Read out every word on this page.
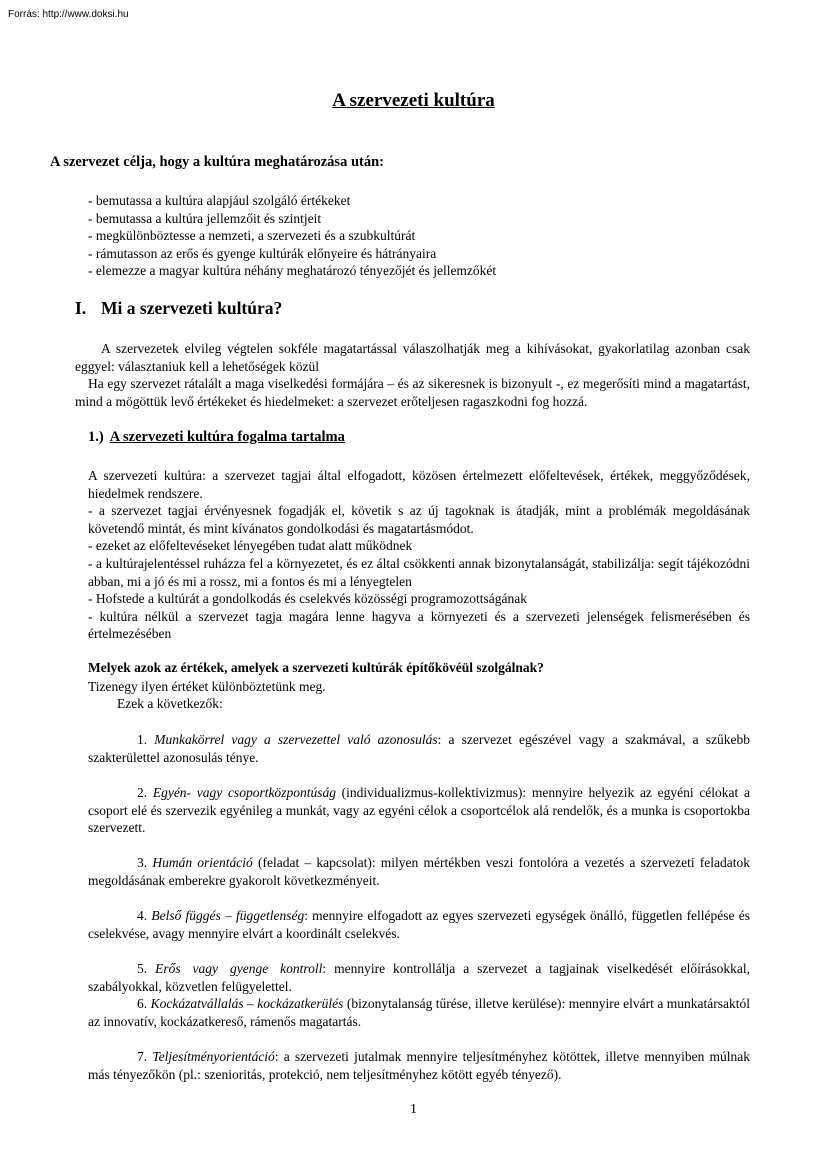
Forrás: http://www.doksi.hu
A szervezeti kultúra

A szervezet célja, hogy a kultúra meghatározása után:

- bemutassa a kultúra alapjául szolgáló értékeket
- bemutassa a kultúra jellemzőit és szintjeit
- megkülönböztesse a nemzeti, a szervezeti és a szubkultúrát
- rámutasson az erős és gyenge kultúrák előnyeire és hátrányaira
- elemezze a magyar kultúra néhány meghatározó tényezőjét és jellemzőkét
I. Mi a szervezeti kultúra?

A szervezetek elvileg végtelen sokféle magatartással válaszolhatják meg a kihívásokat, gyakorlatilag azonban csak eggyel: választaniuk kell a lehetőségek közül

Ha egy szervezet rátalált a maga viselkedési formájára – és az sikeresnek is bizonyult -, ez megerősíti mind a magatartást, mind a mögöttük levő értékeket és hiedelmeket: a szervezet erőteljesen ragaszkodni fog hozzá.

1.) A szervezeti kultúra fogalma tartalma
A szervezeti kultúra: a szervezet tagjai által elfogadott, közösen értelmezett előfeltevések, értékek, meggyőződések, hiedelmek rendszere.
- a szervezet tagjai érvényesnek fogadják el, követik s az új tagoknak is átadják, mint a problémák megoldásának követendő mintát, és mint kívánatos gondolkodási és magatartásmódot.
- ezeket az előfeltevéseket lényegében tudat alatt működnek
- a kultúrajelentéssel ruházza fel a környezetet, és ez által csökkenti annak bizonytalanságát, stabilizálja: segít tájékozódni abban, mi a jó és mi a rossz, mi a fontos és mi a lényegtelen
- Hofstede a kultúrát a gondolkodás és cselekvés közösségi programozottságának
- kultúra nélkül a szervezet tagja magára lenne hagyva a környezeti és a szervezeti jelenségek felismerésében és értelmezésében

Melyek azok az értékek, amelyek a szervezeti kultúrák építőkövéül szolgálnak?

Tizenegy ilyen értéket különböztetünk meg.

Ezek a következők:

1. Munkakörrel vagy a szervezettel való azonosulás: a szervezet egészével vagy a szakmával, a szűkebb szakterülettel azonosulás ténye.

2. Egyén- vagy csoportközpontúság (individualizmus-kollektivizmus): mennyire helyezik az egyéni célokat a csoport elé és szervezik egyénileg a munkát, vagy az egyéni célok a csoportcélok alá rendelők, és a munka is csoportokba szervezett.

3. Humán orientáció (feladat – kapcsolat): milyen mértékben veszi fontolóra a vezetés a szervezeti feladatok megoldásának emberekre gyakorolt következményeit.

4. Belső függés – függetlenség: mennyire elfogadott az egyes szervezeti egységek önálló, független fellépése és cselekvése, avagy mennyire elvárt a koordinált cselekvés.

5. Erős vagy gyenge kontroll: mennyire kontrollálja a szervezet a tagjainak viselkedését előírásokkal, szabályokkal, közvetlen felügyelettel.

6. Kockázatvállalás – kockázatkerülés (bizonytalanság tűrése, illetve kerülése): mennyire elvárt a munkatársaktól az innovatív, kockázatkereső, rámenős magatartás.

7. Teljesítményorientáció: a szervezeti jutalmak mennyire teljesítményhez kötöttek, illetve mennyiben múlnak más tényezőkön (pl.: szenioritás, protekció, nem teljesítményhez kötött egyéb tényező).

1
